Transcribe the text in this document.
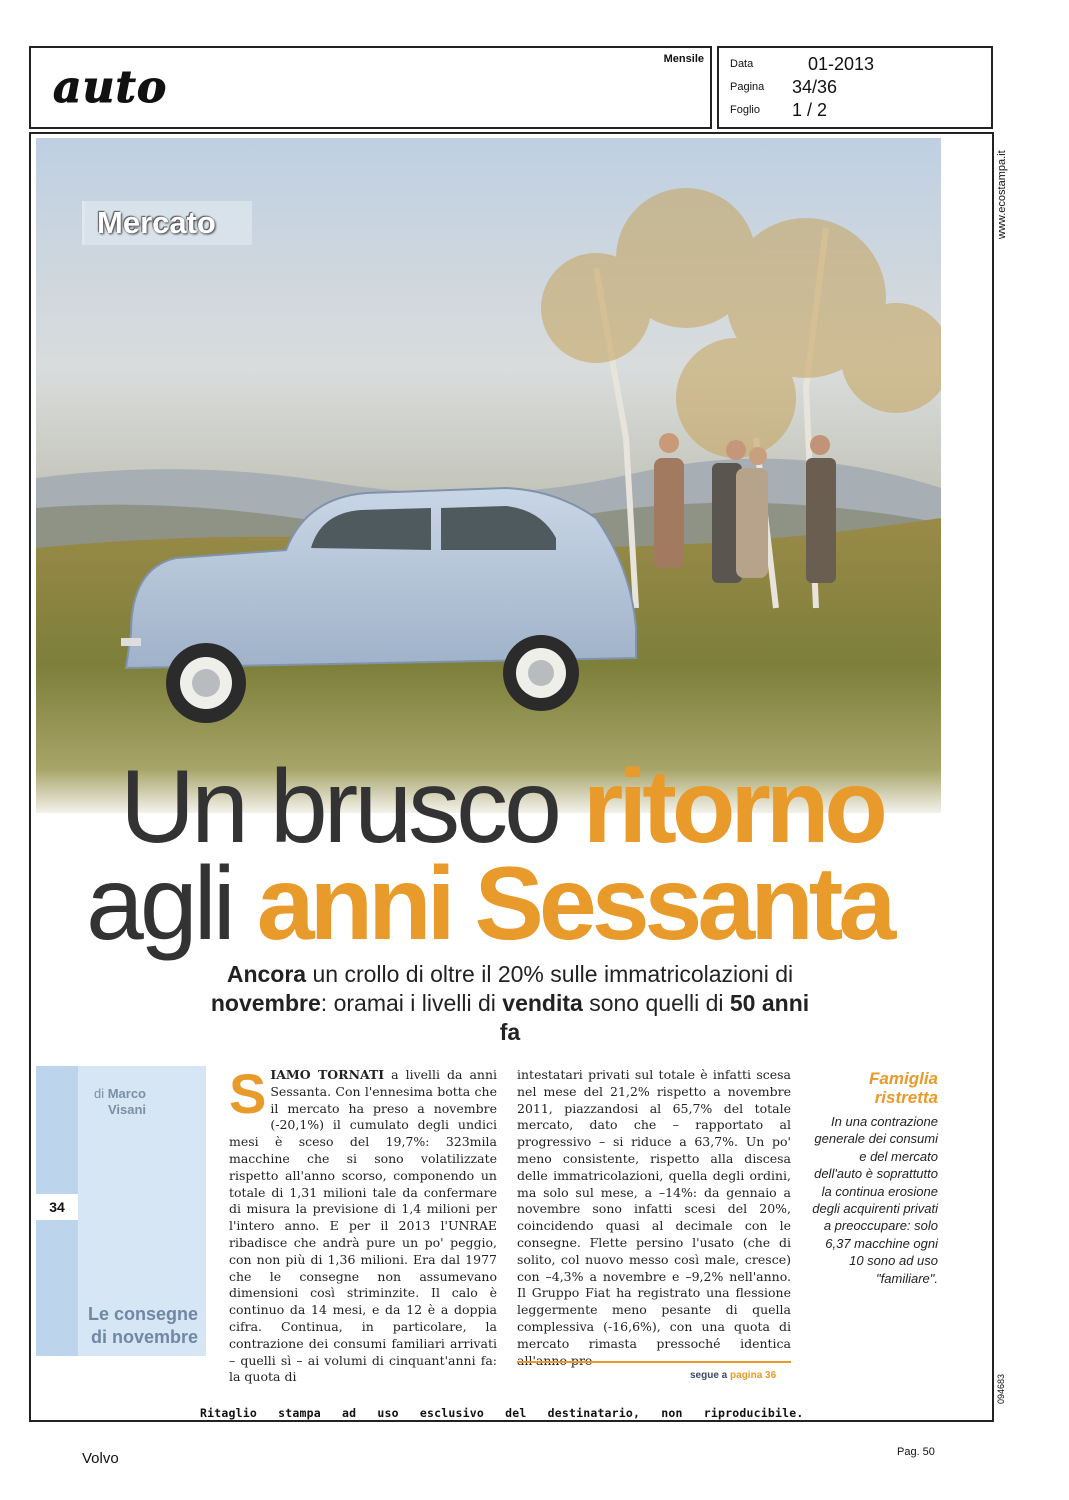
auto
Mensile Data	01-2013
Pagina 34/36
Foglio 1 / 2
www.ecostampa.it
094683
Mercato
Un brusco ritorno
agli anni Sessanta
Ancora un crollo di oltre il 20% sulle immatricolazioni di novembre: oramai i livelli di vendita sono quelli di 50 anni fa
34
di Marco
Visani
Le consegne
di novembre
SIAMO TORNATI a livelli da anni Sessanta. Con l'ennesima botta che il mercato ha preso a novembre (-20,1%) il cumulato degli undici mesi è sceso del 19,7%: 323mila macchine che si sono volatilizzate rispetto all'anno scorso, componendo un totale di 1,31 milioni tale da confermare di misura la previsione di 1,4 milioni per l'intero anno. E per il 2013 l'UNRAE ribadisce che andrà pure un po' peggio, con non più di 1,36 milioni. Era dal 1977 che le consegne non assumevano dimensioni così striminzite. Il calo è continuo da 14 mesi, e da 12 è a doppia cifra. Continua, in particolare, la contrazione dei consumi familiari arrivati – quelli sì – ai volumi di cinquant'anni fa: la quota di
intestatari privati sul totale è infatti scesa nel mese del 21,2% rispetto a novembre 2011, piazzandosi al 65,7% del totale mercato, dato che – rapportato al progressivo – si riduce a 63,7%. Un po' meno consistente, rispetto alla discesa delle immatricolazioni, quella degli ordini, ma solo sul mese, a –14%: da gennaio a novembre sono infatti scesi del 20%, coincidendo quasi al decimale con le consegne. Flette persino l'usato (che di solito, col nuovo messo così male, cresce) con –4,3% a novembre e –9,2% nell'anno. Il Gruppo Fiat ha registrato una flessione leggermente meno pesante di quella complessiva (-16,6%), con una quota di mercato rimasta pressoché identica
segue a pagina 36
Famiglia
ristretta
In una contrazione generale dei consumi e del mercato dell'auto è soprattutto la continua erosione degli acquirenti privati a preoccupare: solo 6,37 macchine ogni 10 sono ad uso "familiare".
Ritaglio stampa ad uso esclusivo del destinatario, non riproducibile.
Volvo	Pag. 50
